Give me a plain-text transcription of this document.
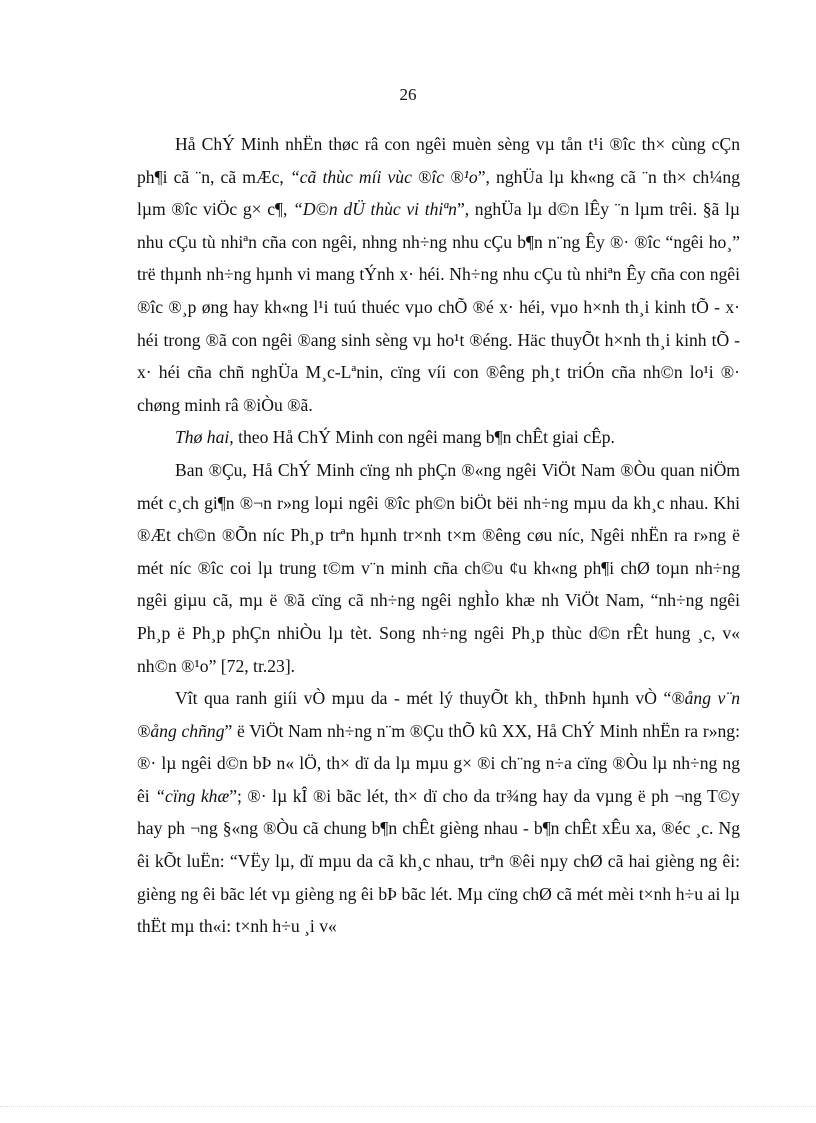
26

Hå ChÝ Minh nhËn thøc râ con ngêi muèn sèng vµ tån t¹i ®îc th× cùng cÇn ph¶i cã ¨n, cã mÆc, “cã thùc míi vùc ®îc ®¹o”, nghÜa lµ kh«ng cã ¨n th× ch¼ng lµm ®îc viÖc g× c¶, “D©n dÜ thùc vi thiªn”, nghÜa lµ d©n lÊy ¨n lµm trêi. §ã lµ nhu cÇu tù nhiªn cña con ngêi, nhng nh÷ng nhu cÇu b¶n n¨ng Êy ®· ®îc “ngêi ho¸” trë thµnh nh÷ng hµnh vi mang tÝnh x· héi. Nh÷ng nhu cÇu tù nhiªn Êy cña con ngêi ®îc ®¸p øng hay kh«ng l¹i tuú thuéc vµo chÕ ®é x· héi, vµo h×nh th¸i kinh tÕ - x· héi trong ®ã con ngêi ®ang sinh sèng vµ ho¹t ®éng. Häc thuyÕt h×nh th¸i kinh tÕ - x· héi cña chñ nghÜa M¸c-Lªnin, cïng víi con ®êng ph¸t triÓn cña nh©n lo¹i ®· chøng minh râ ®iÒu ®ã.

Thø hai, theo Hå ChÝ Minh con ngêi mang b¶n chÊt giai cÊp.

Ban ®Çu, Hå ChÝ Minh cïng nh phÇn ®«ng ngêi ViÖt Nam ®Òu quan niÖm mét c¸ch gi¶n ®¬n r»ng loµi ngêi ®îc ph©n biÖt bëi nh÷ng mµu da kh¸c nhau. Khi ®Æt ch©n ®Õn níc Ph¸p trªn hµnh tr×nh t×m ®êng cøu níc, Ngêi nhËn ra r»ng ë mét níc ®îc coi lµ trung t©m v¨n minh cña ch©u ¢u kh«ng ph¶i chØ toµn nh÷ng ngêi giµu cã, mµ ë ®ã cïng cã nh÷ng ngêi nghÌo khæ nh ViÖt Nam, “nh÷ng ngêi Ph¸p ë Ph¸p phÇn nhiÒu lµ tèt. Song nh÷ng ngêi Ph¸p thùc d©n rÊt hung ¸c, v« nh©n ®¹o” [72, tr.23].

Vît qua ranh giíi vÒ mµu da - mét lý thuyÕt kh¸ thÞnh hµnh vÒ “®ång v¨n ®ång chñng” ë ViÖt Nam nh÷ng n¨m ®Çu thÕ kû XX, Hå ChÝ Minh nhËn ra r»ng: ®· lµ ngêi d©n bÞ n« lÖ, th× dï da lµ mµu g× ®i ch¨ng n÷a cïng ®Òu lµ nh÷ng ng êi “cïng khæ”; ®· lµ kÎ ®i bãc lét, th× dï cho da tr¾ng hay da vµng ë ph ¬ng T©y hay ph ¬ng §«ng ®Òu cã chung b¶n chÊt gièng nhau - b¶n chÊt xÊu xa, ®éc ¸c. Ng êi kÕt luËn: “VËy lµ, dï mµu da cã kh¸c nhau, trªn ®êi nµy chØ cã hai gièng ng êi: gièng ng êi bãc lét vµ gièng ng êi bÞ bãc lét. Mµ cïng chØ cã mét mèi t×nh h÷u ai lµ thËt mµ th«i: t×nh h÷u ¸i v«
